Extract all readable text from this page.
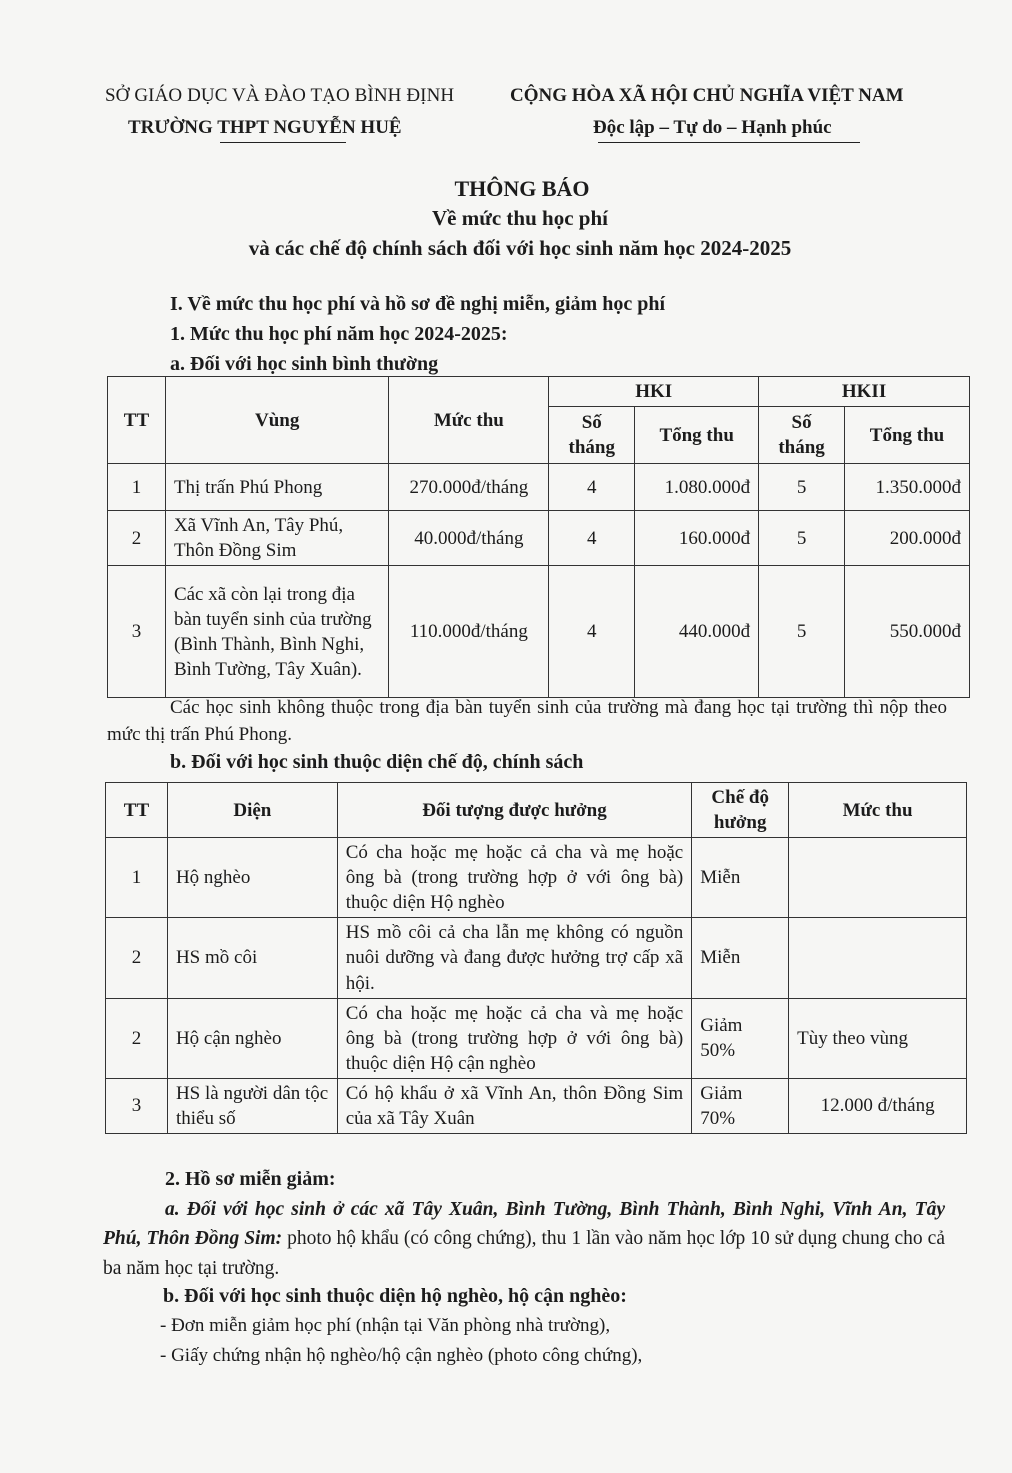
SỞ GIÁO DỤC VÀ ĐÀO TẠO BÌNH ĐỊNH
TRƯỜNG THPT NGUYỄN HUỆ
CỘNG HÒA XÃ HỘI CHỦ NGHĨA VIỆT NAM
Độc lập – Tự do – Hạnh phúc
THÔNG BÁO
Về mức thu học phí
và các chế độ chính sách đối với học sinh năm học 2024-2025
I. Về mức thu học phí và hồ sơ đề nghị miễn, giảm học phí
1. Mức thu học phí năm học 2024-2025:
a. Đối với học sinh bình thường
TT	Vùng	Mức thu	HKI		HKII	
			Số tháng	Tổng thu	Số tháng	Tổng thu
1	Thị trấn Phú Phong	270.000đ/tháng	4	1.080.000đ	5	1.350.000đ
2	Xã Vĩnh An, Tây Phú, Thôn Đồng Sim	40.000đ/tháng	4	160.000đ	5	200.000đ
3	Các xã còn lại trong địa bàn tuyển sinh của trường (Bình Thành, Bình Nghi, Bình Tường, Tây Xuân).	110.000đ/tháng	4	440.000đ	5	550.000đ
Các học sinh không thuộc trong địa bàn tuyển sinh của trường mà đang học tại trường thì nộp theo mức thị trấn Phú Phong.
b. Đối với học sinh thuộc diện chế độ, chính sách
TT	Diện	Đối tượng được hưởng	Chế độ hưởng	Mức thu
1	Hộ nghèo	Có cha hoặc mẹ hoặc cả cha và mẹ hoặc ông bà (trong trường hợp ở với ông bà) thuộc diện Hộ nghèo	Miễn	
2	HS mồ côi	HS mồ côi cả cha lẫn mẹ không có nguồn nuôi dưỡng và đang được hưởng trợ cấp xã hội.	Miễn	
2	Hộ cận nghèo	Có cha hoặc mẹ hoặc cả cha và mẹ hoặc ông bà (trong trường hợp ở với ông bà) thuộc diện Hộ cận nghèo	Giảm 50%	Tùy theo vùng
3	HS là người dân tộc thiểu số	Có hộ khẩu ở xã Vĩnh An, thôn Đồng Sim của xã Tây Xuân	Giảm 70%	12.000 đ/tháng
2. Hồ sơ miễn giảm:
a. Đối với học sinh ở các xã Tây Xuân, Bình Tường, Bình Thành, Bình Nghi, Vĩnh An, Tây Phú, Thôn Đồng Sim: photo hộ khẩu (có công chứng), thu 1 lần vào năm học lớp 10 sử dụng chung cho cả ba năm học tại trường.
b. Đối với học sinh thuộc diện hộ nghèo, hộ cận nghèo:
- Đơn miễn giảm học phí (nhận tại Văn phòng nhà trường),
- Giấy chứng nhận hộ nghèo/hộ cận nghèo (photo công chứng),
